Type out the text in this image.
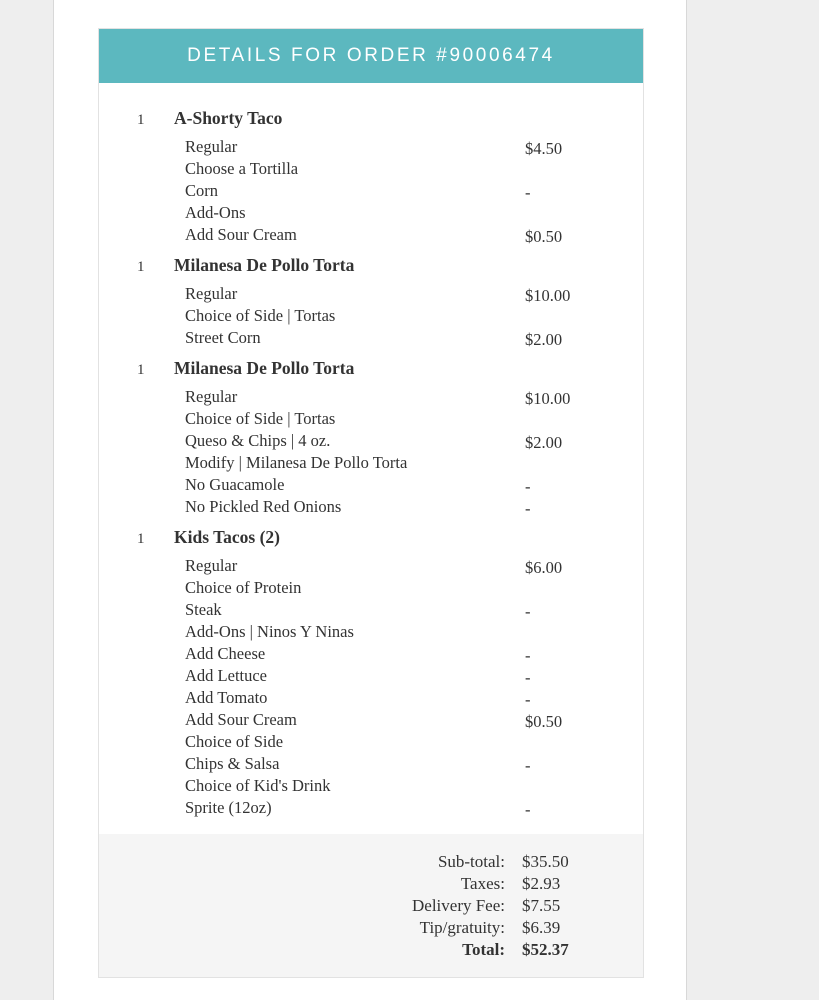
DETAILS FOR ORDER #90006474
1 A-Shorty Taco
Regular	$4.50
Choose a Tortilla
Corn	-
Add-Ons
Add Sour Cream	$0.50
1 Milanesa De Pollo Torta
Regular	$10.00
Choice of Side | Tortas
Street Corn	$2.00
1 Milanesa De Pollo Torta
Regular	$10.00
Choice of Side | Tortas
Queso & Chips | 4 oz.	$2.00
Modify | Milanesa De Pollo Torta
No Guacamole	-
No Pickled Red Onions	-
1 Kids Tacos (2)
Regular	$6.00
Choice of Protein
Steak	-
Add-Ons | Ninos Y Ninas
Add Cheese	-
Add Lettuce	-
Add Tomato	-
Add Sour Cream	$0.50
Choice of Side
Chips & Salsa	-
Choice of Kid's Drink
Sprite (12oz)	-
Sub-total: $35.50
Taxes: $2.93
Delivery Fee: $7.55
Tip/gratuity: $6.39
Total: $52.37
